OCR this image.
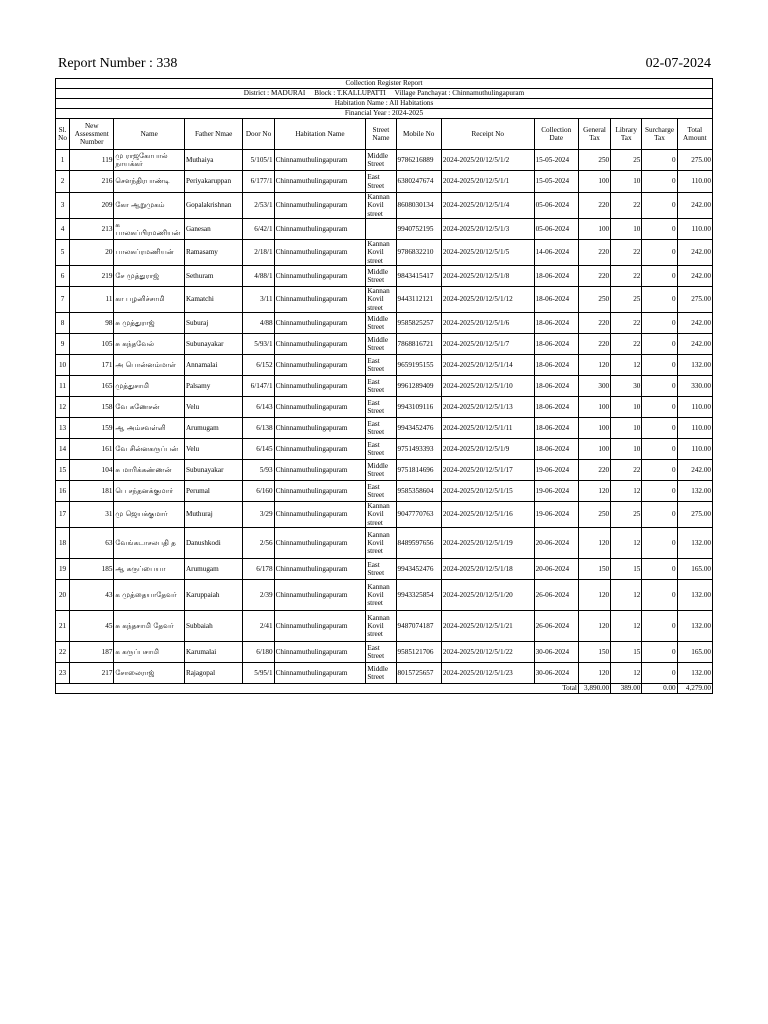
Report Number : 338	02-07-2024
Collection Register Report													
District : MADURAI     Block : T.KALLUPATTI     Village Panchayat : Chinnamuthulingapuram													
Habitation Name : All Habitations													
Financial Year : 2024-2025													
Sl. No	New Assessment Number	Name	Father Nmae	Door No	Habitation Name	Street Name	Mobile No	Receipt No	Collection Date	General Tax	Library Tax	Surcharge Tax	Total Amount
1	119	மு ராஜகோபால் நாயக்கர்	Muthaiya	5/105/1	Chinnamuthulingapuram	Middle Street	9786216889	2024-2025/20/12/5/1/2	15-05-2024	250	25	0	275.00
2	216	சௌந்திரபாண்டி	Periyakaruppan	6/177/1	Chinnamuthulingapuram	East Street	6380247674	2024-2025/20/12/5/1/1	15-05-2024	100	10	0	110.00
3	209	கோ ஆறுமுகம்	Gopalakrishnan	2/53/1	Chinnamuthulingapuram	Kannan Kovil street	8608030134	2024-2025/20/12/5/1/4	05-06-2024	220	22	0	242.00
4	213	க பாலசுப்பிரமணியன்	Ganesan	6/42/1	Chinnamuthulingapuram		9940752195	2024-2025/20/12/5/1/3	05-06-2024	100	10	0	110.00
5	20	பாலசுப்ரமணியன்	Ramasamy	2/18/1	Chinnamuthulingapuram	Kannan Kovil street	9786832210	2024-2025/20/12/5/1/5	14-06-2024	220	22	0	242.00
6	219	சே முத்துராஜ்	Sethuram	4/88/1	Chinnamuthulingapuram	Middle Street	9843415417	2024-2025/20/12/5/1/8	18-06-2024	220	22	0	242.00
7	11	கா பழனிச்சாமி	Kamatchi	3/11	Chinnamuthulingapuram	Kannan Kovil street	9443112121	2024-2025/20/12/5/1/12	18-06-2024	250	25	0	275.00
8	98	சு முத்துராஜ்	Suburaj	4/88	Chinnamuthulingapuram	Middle Street	9585825257	2024-2025/20/12/5/1/6	18-06-2024	220	22	0	242.00
9	105	சு கந்தவேல்	Subunayakar	5/93/1	Chinnamuthulingapuram	Middle Street	7868816721	2024-2025/20/12/5/1/7	18-06-2024	220	22	0	242.00
10	171	அ பொன்னம்மாள்	Annamalai	6/152	Chinnamuthulingapuram	East Street	9659195155	2024-2025/20/12/5/1/14	18-06-2024	120	12	0	132.00
11	165	முத்துசாமி	Palsamy	6/147/1	Chinnamuthulingapuram	East Street	9961289409	2024-2025/20/12/5/1/10	18-06-2024	300	30	0	330.00
12	158	வே கணேசன்	Velu	6/143	Chinnamuthulingapuram	East Street	9943109116	2024-2025/20/12/5/1/13	18-06-2024	100	10	0	110.00
13	159	ஆ அம்சவள்ளி	Arumugam	6/138	Chinnamuthulingapuram	East Street	9943452476	2024-2025/20/12/5/1/11	18-06-2024	100	10	0	110.00
14	161	வே சின்னகருப்பன்	Velu	6/145	Chinnamuthulingapuram	East Street	9751493393	2024-2025/20/12/5/1/9	18-06-2024	100	10	0	110.00
15	104	சு மாரிக்கண்ணன்	Subunayakar	5/93	Chinnamuthulingapuram	Middle Street	9751814696	2024-2025/20/12/5/1/17	19-06-2024	220	22	0	242.00
16	181	பெ சந்தனக்குமார்	Perumal	6/160	Chinnamuthulingapuram	East Street	9585358604	2024-2025/20/12/5/1/15	19-06-2024	120	12	0	132.00
17	31	மு ஜெயக்குமார்	Muthuraj	3/29	Chinnamuthulingapuram	Kannan Kovil street	9047770763	2024-2025/20/12/5/1/16	19-06-2024	250	25	0	275.00
18	63	வேங்கடாசலபதி த	Danushkodi	2/56	Chinnamuthulingapuram	Kannan Kovil street	8489597656	2024-2025/20/12/5/1/19	20-06-2024	120	12	0	132.00
19	185	ஆ கருப்பையா	Arumugam	6/178	Chinnamuthulingapuram	East Street	9943452476	2024-2025/20/12/5/1/18	20-06-2024	150	15	0	165.00
20	43	க முத்தையாதேவர்	Karuppaiah	2/39	Chinnamuthulingapuram	Kannan Kovil street	9943325854	2024-2025/20/12/5/1/20	26-06-2024	120	12	0	132.00
21	45	சு கந்தசாமி தேவர்	Subbaiah	2/41	Chinnamuthulingapuram	Kannan Kovil street	9487074187	2024-2025/20/12/5/1/21	26-06-2024	120	12	0	132.00
22	187	க கருப்பசாமி	Karumalai	6/180	Chinnamuthulingapuram	East Street	9585121706	2024-2025/20/12/5/1/22	30-06-2024	150	15	0	165.00
23	217	சோலைராஜ்	Rajagopal	5/95/1	Chinnamuthulingapuram	Middle Street	8015725657	2024-2025/20/12/5/1/23	30-06-2024	120	12	0	132.00
Total										3,890.00	389.00	0.00	4,279.00
